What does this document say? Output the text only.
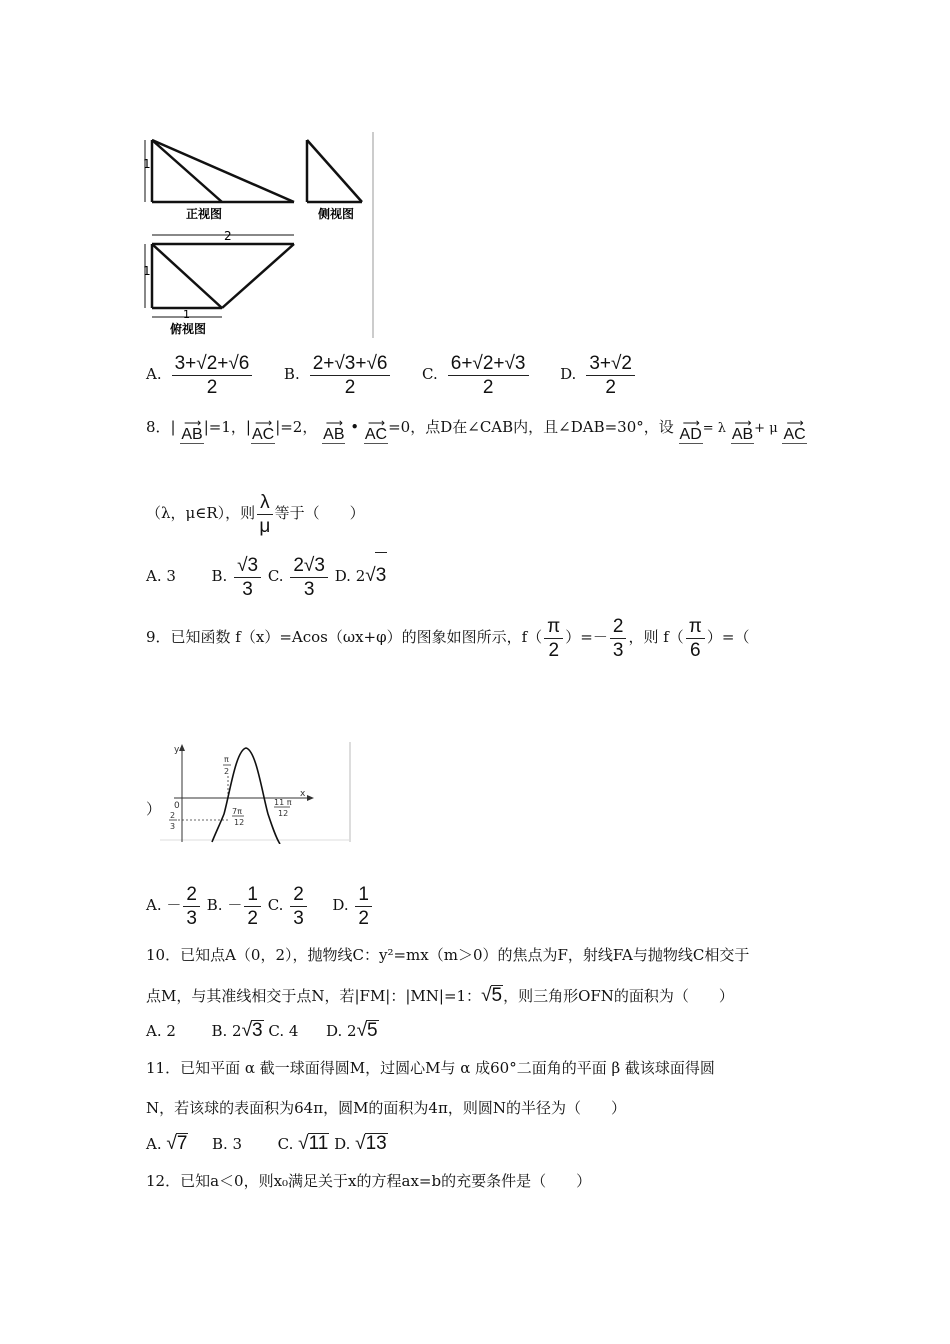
1
正视图	侧视图
2
1
1
俯视图
A. $\frac{3+√2+√6}{2} B$. $\frac{2+√3+√6}{2} C$. $\frac{6+√2+√3}{2} D$. $\frac{3+√2}{2}$
8．| ⟶
AB |=1，| ⟶
AC |=2， ⟶
AB • ⟶
AC =0，点D在∠CAB内，且∠DAB=30°，设 ⟶
AD = λ ⟶
AB + μ ⟶
AC
（λ，μ∈R），则 $\frac{\lambda}{\mu}$ 等于（　　）
A. 3 B. $\frac{√3}{3} C$. $\frac{2√3}{3} D$. 2√3
9．已知函数 f（x）=Acos（ωx+φ）的图象如图所示，$f( \frac{\pi}{2}$ ）=－ $\frac{2}{3}$ ，则 $f( \frac{\pi}{6}$ ）=（
）
y
x
0
π
2
7π
12
11 π
12
2
3
A. － $\frac{2}{3} B$. － $\frac{1}{2} C$. $\frac{2}{3} D$. $\frac{1}{2}$
10．已知点A（0，2），抛物线C：y²=mx（m＞0）的焦点为F，射线FA与抛物线C相交于
点M，与其准线相交于点N，若|FM|：|MN|=1：√5，则三角形OFN的面积为（　　）
A. 2 B. 2√3 C. 4 D. 2√5
11．已知平面 α 截一球面得圆M，过圆心M与 α 成60°二面角的平面 β 截该球面得圆
N，若该球的表面积为64π，圆M的面积为4π，则圆N的半径为（　　）
A. √7 B. 3 C. √11 D. √13
12．已知a＜0，则x₀满足关于x的方程ax=b的充要条件是（　　）
